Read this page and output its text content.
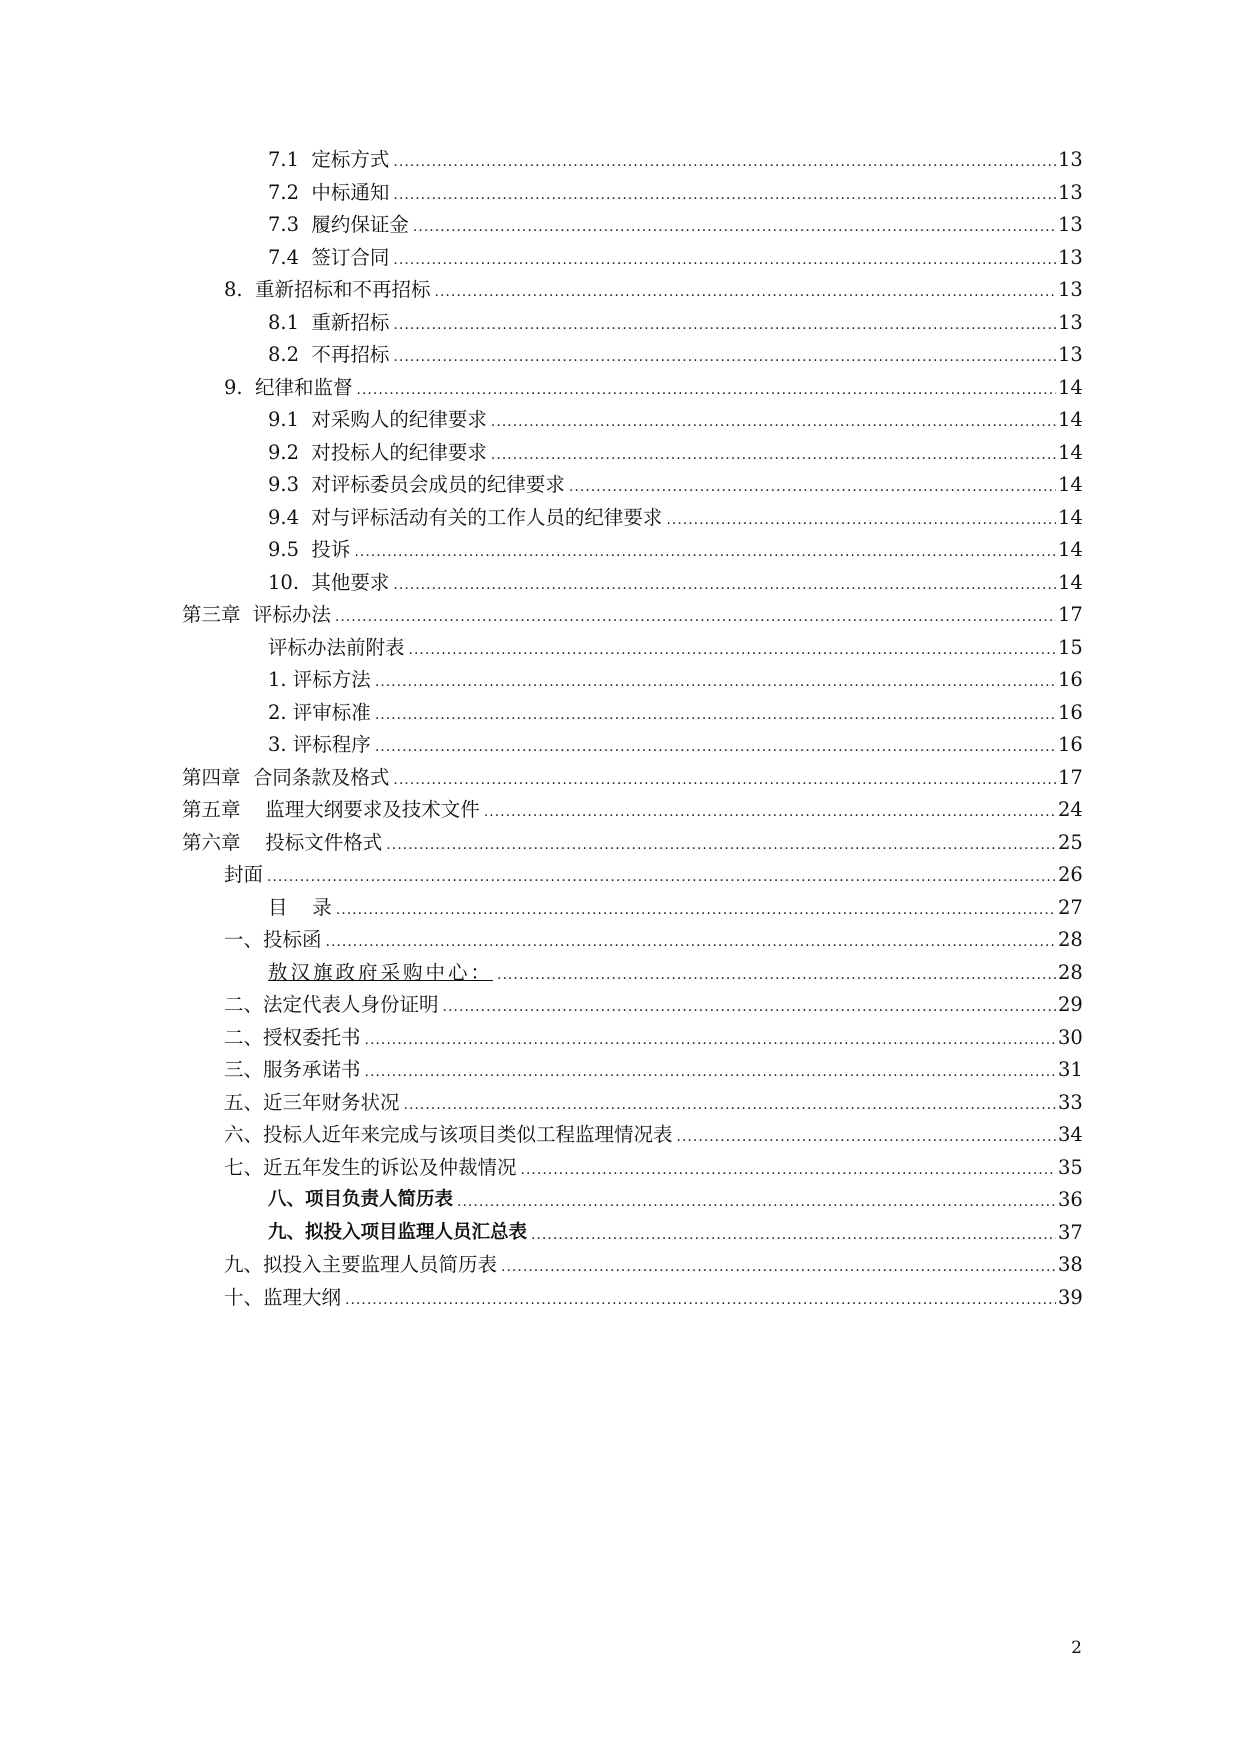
7.1  定标方式 .....	13
7.2  中标通知 .....	13
7.3  履约保证金 .....	13
7.4  签订合同 .....	13
8.  重新招标和不再招标 .....	13
8.1  重新招标 .....	13
8.2  不再招标 .....	13
9.  纪律和监督 .....	14
9.1  对采购人的纪律要求 .....	14
9.2  对投标人的纪律要求 .....	14
9.3  对评标委员会成员的纪律要求 .....	14
9.4  对与评标活动有关的工作人员的纪律要求 .....	14
9.5  投诉 .....	14
10.  其他要求 .....	14
第三章  评标办法 .....	17
评标办法前附表 .....	15
1. 评标方法 .....	16
2. 评审标准 .....	16
3. 评标程序 .....	16
第四章  合同条款及格式 .....	17
第五章    监理大纲要求及技术文件 .....	24
第六章    投标文件格式 .....	25
封面 .....	26
目    录 .....	27
一、投标函 .....	28
敖汉旗政府采购中心： .....	28
二、法定代表人身份证明 .....	29
二、授权委托书 .....	30
三、服务承诺书 .....	31
五、近三年财务状况 .....	33
六、投标人近年来完成与该项目类似工程监理情况表 .....	34
七、近五年发生的诉讼及仲裁情况 .....	35
八、项目负责人简历表 .....	36
九、拟投入项目监理人员汇总表 .....	37
九、拟投入主要监理人员简历表 .....	38
十、监理大纲 .....	39
2
